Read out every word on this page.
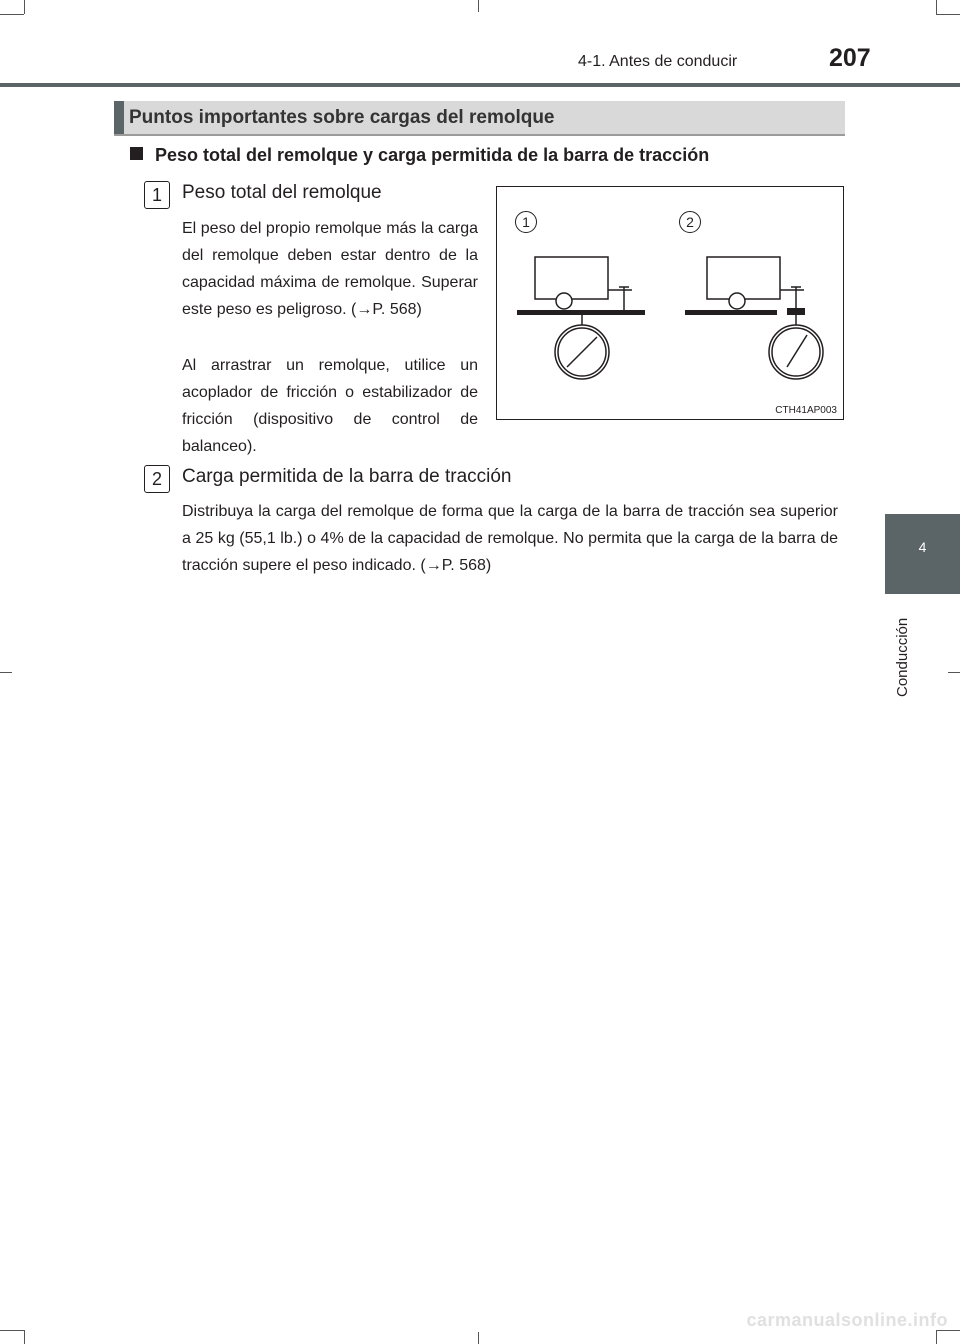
4-1. Antes de conducir	207
4
Conducción
Puntos importantes sobre cargas del remolque
Peso total del remolque y carga permitida de la barra de tracción
1	Peso total del remolque

El peso del propio remolque más la carga del remolque deben estar dentro de la capacidad máxima de remolque. Superar este peso es peligroso. (→P. 568)

Al arrastrar un remolque, utilice un acoplador de fricción o estabilizador de fricción (dispositivo de control de balanceo).

1	2
CTH41AP003
2	Carga permitida de la barra de tracción

Distribuya la carga del remolque de forma que la carga de la barra de tracción sea superior a 25 kg (55,1 lb.) o 4% de la capacidad de remolque. No permita que la carga de la barra de tracción supere el peso indicado. (→P. 568)

carmanualsonline.info
